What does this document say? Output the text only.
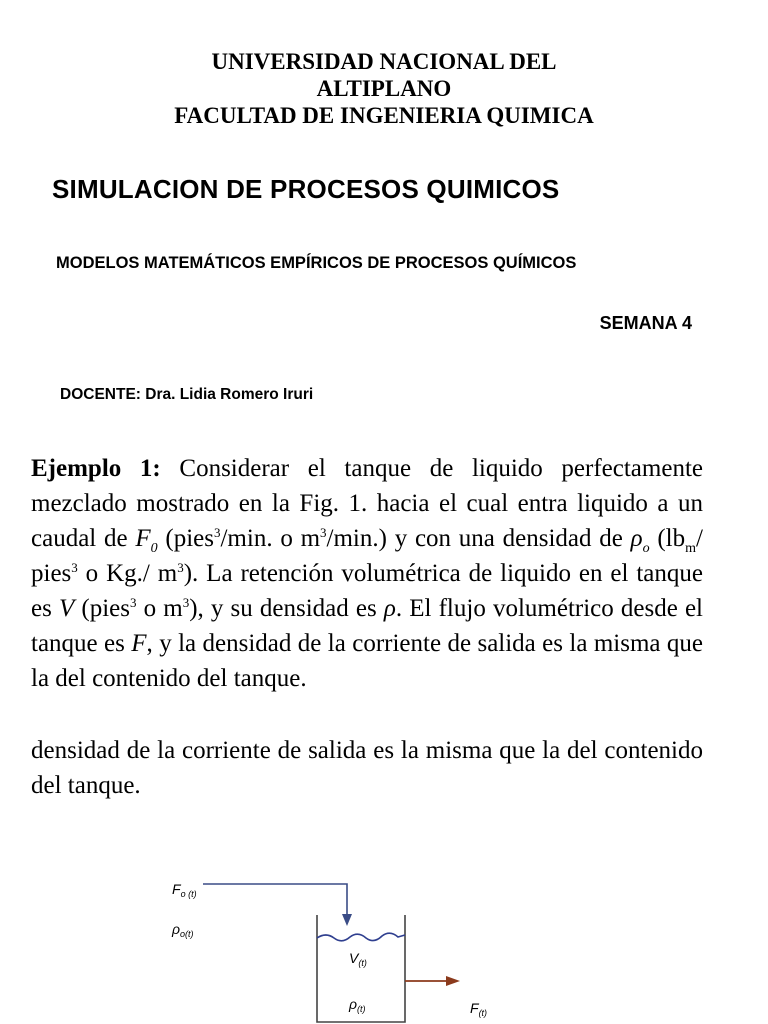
UNIVERSIDAD NACIONAL DEL
ALTIPLANO
FACULTAD DE INGENIERIA QUIMICA
SIMULACION DE PROCESOS QUIMICOS
MODELOS MATEMÁTICOS EMPÍRICOS DE PROCESOS QUÍMICOS
SEMANA 4
DOCENTE: Dra. Lidia Romero Iruri
Ejemplo 1: Considerar el tanque de liquido perfectamente mezclado mostrado en la Fig. 1. hacia el cual entra liquido a un caudal de $F_0$ (pies$^3$/min. o $m^3/\min$.) y con una densidad de $\rho_o$ ($lb_m/$ pies$^3$ o Kg./ $m^3$). La retención volumétrica de liquido en el tanque es V (pies$^3$ o $m^3$), y su densidad es ρ. El flujo volumétrico desde el tanque es F, y la densidad de la corriente de salida es la misma que la del contenido del tanque.
densidad de la corriente de salida es la misma que la del contenido del tanque.
$F_{o (t)}$
$\rho_{o(t)}$
$V_{(t)}$
$\rho_{(t)}$	$F_{(t)}$
